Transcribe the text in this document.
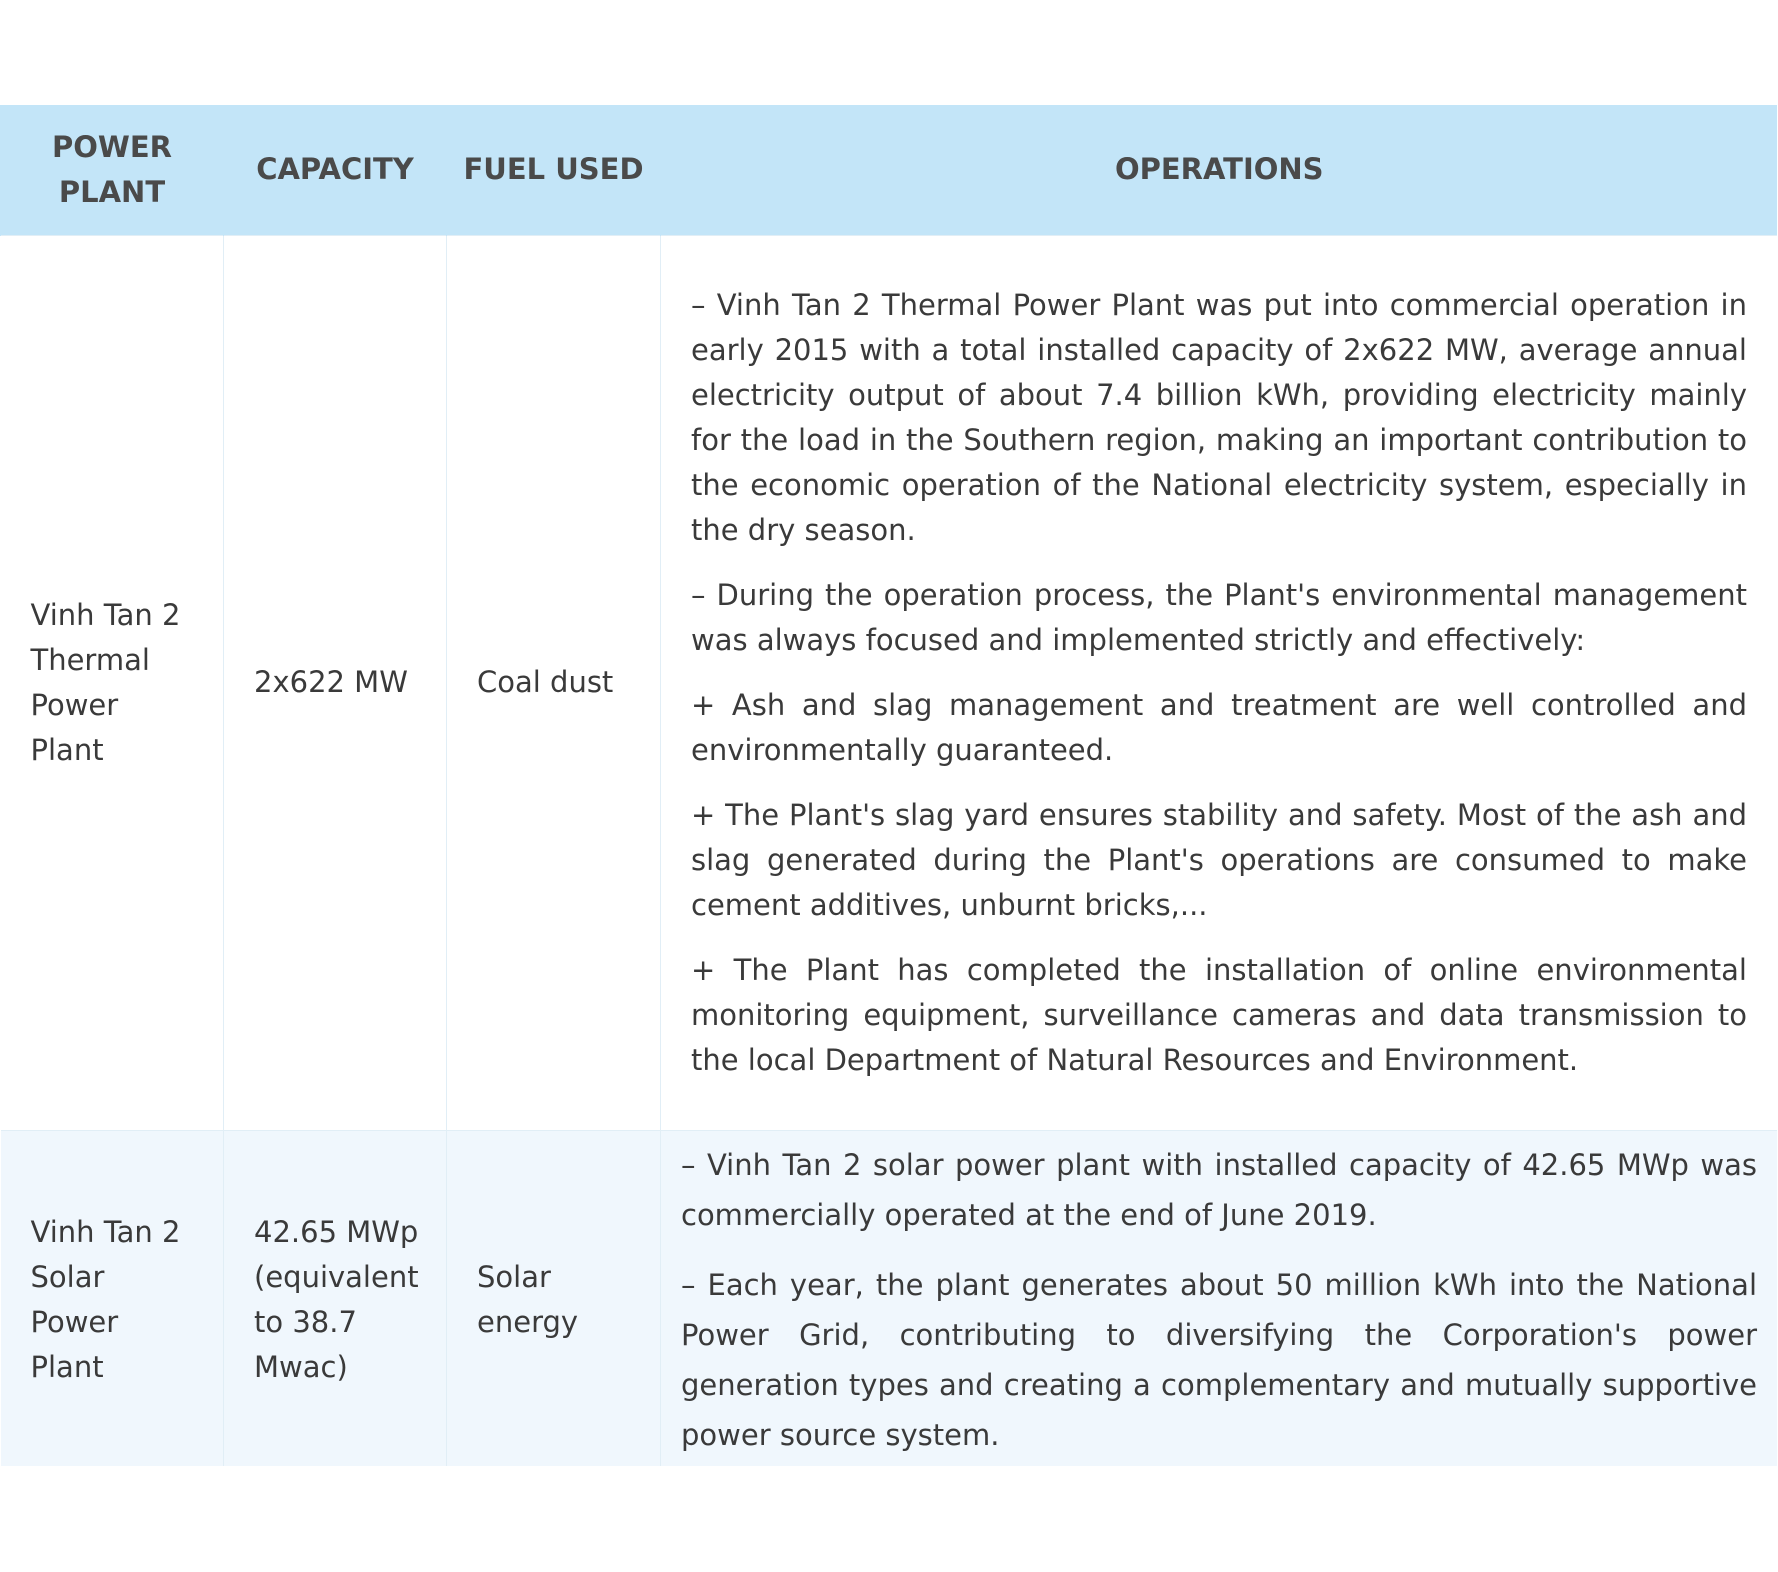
POWER PLANT	CAPACITY	FUEL USED	OPERATIONS
Vinh Tan 2 Thermal Power Plant	2x622 MW	Coal dust	– Vinh Tan 2 Thermal Power Plant was put into commercial operation in early 2015 with a total installed capacity of 2x622 MW, average annual electricity output of about 7.4 billion kWh, providing electricity mainly for the load in the Southern region, making an important contribution to the economic operation of the National electricity system, especially in the dry season.

– During the operation process, the Plant's environmental management was always focused and implemented strictly and effectively:

+ Ash and slag management and treatment are well controlled and environmentally guaranteed.

+ The Plant's slag yard ensures stability and safety. Most of the ash and slag generated during the Plant's operations are consumed to make cement additives, unburnt bricks,...

+ The Plant has completed the installation of online environmental monitoring equipment, surveillance cameras and data transmission to the local Department of Natural Resources and Environment.

Vinh Tan 2 Solar Power Plant	42.65 MWp (equivalent to 38.7 Mwac)	Solar energy	– Vinh Tan 2 solar power plant with installed capacity of 42.65 MWp was commercially operated at the end of June 2019.

– Each year, the plant generates about 50 million kWh into the National Power Grid, contributing to diversifying the Corporation's power generation types and creating a complementary and mutually supportive power source system.
